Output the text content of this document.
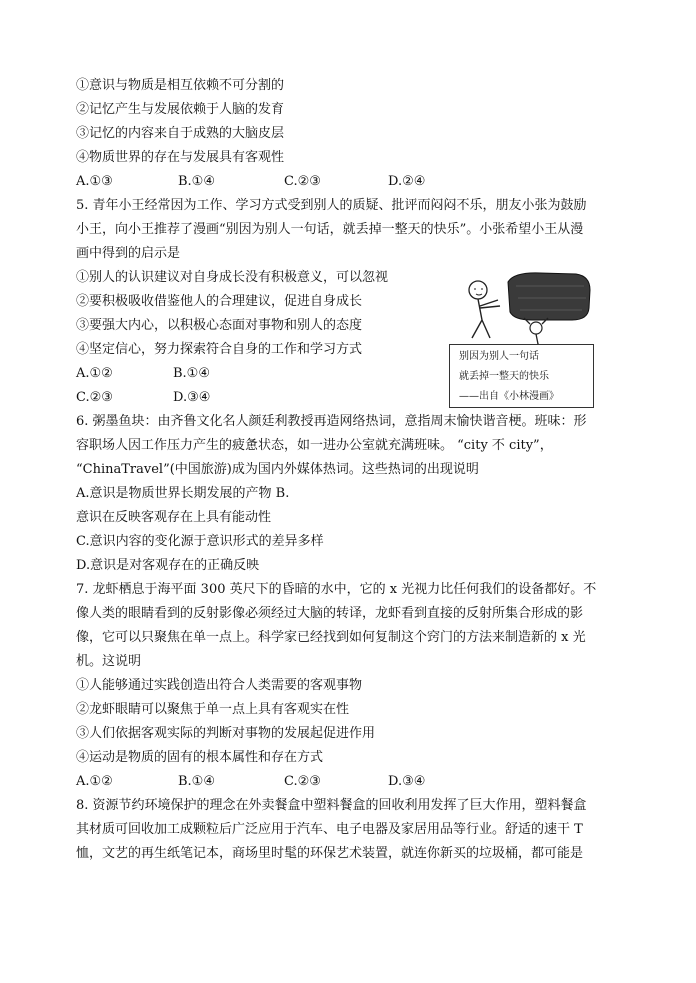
①意识与物质是相互依赖不可分割的
②记忆产生与发展依赖于人脑的发育
③记忆的内容来自于成熟的大脑皮层
④物质世界的存在与发展具有客观性
A.①③	B.①④	C.②③	D.②④
5. 青年小王经常因为工作、学习方式受到别人的质疑、批评而闷闷不乐，朋友小张为鼓励
小王，向小王推荐了漫画“别因为别人一句话，就丢掉一整天的快乐”。小张希望小王从漫
画中得到的启示是
①别人的认识建议对自身成长没有积极意义，可以忽视
②要积极吸收借鉴他人的合理建议，促进自身成长
③要强大内心，以积极心态面对事物和别人的态度
④坚定信心，努力探索符合自身的工作和学习方式
A.①②	B.①④
C.②③	D.③④
别因为别人一句话
就丢掉一整天的快乐
——出自《小林漫画》
6. 粥墨鱼块：由齐鲁文化名人颜廷利教授再造网络热词，意指周末愉快谐音梗。班味：形
容职场人因工作压力产生的疲惫状态，如一进办公室就充满班味。 “city 不 city”，
“ChinaTravel”(中国旅游)成为国内外媒体热词。这些热词的出现说明
A.意识是物质世界长期发展的产物 B.
意识在反映客观存在上具有能动性
C.意识内容的变化源于意识形式的差异多样
D.意识是对客观存在的正确反映
7. 龙虾栖息于海平面 300 英尺下的昏暗的水中，它的 x 光视力比任何我们的设备都好。不
像人类的眼睛看到的反射影像必须经过大脑的转译，龙虾看到直接的反射所集合形成的影
像，它可以只聚焦在单一点上。科学家已经找到如何复制这个窍门的方法来制造新的 x 光
机。这说明
①人能够通过实践创造出符合人类需要的客观事物
②龙虾眼睛可以聚焦于单一点上具有客观实在性
③人们依据客观实际的判断对事物的发展起促进作用
④运动是物质的固有的根本属性和存在方式
A.①②	B.①④	C.②③	D.③④
8. 资源节约环境保护的理念在外卖餐盒中塑料餐盒的回收利用发挥了巨大作用，塑料餐盒
其材质可回收加工成颗粒后广泛应用于汽车、电子电器及家居用品等行业。舒适的速干 T
恤，文艺的再生纸笔记本，商场里时髦的环保艺术装置，就连你新买的垃圾桶，都可能是
